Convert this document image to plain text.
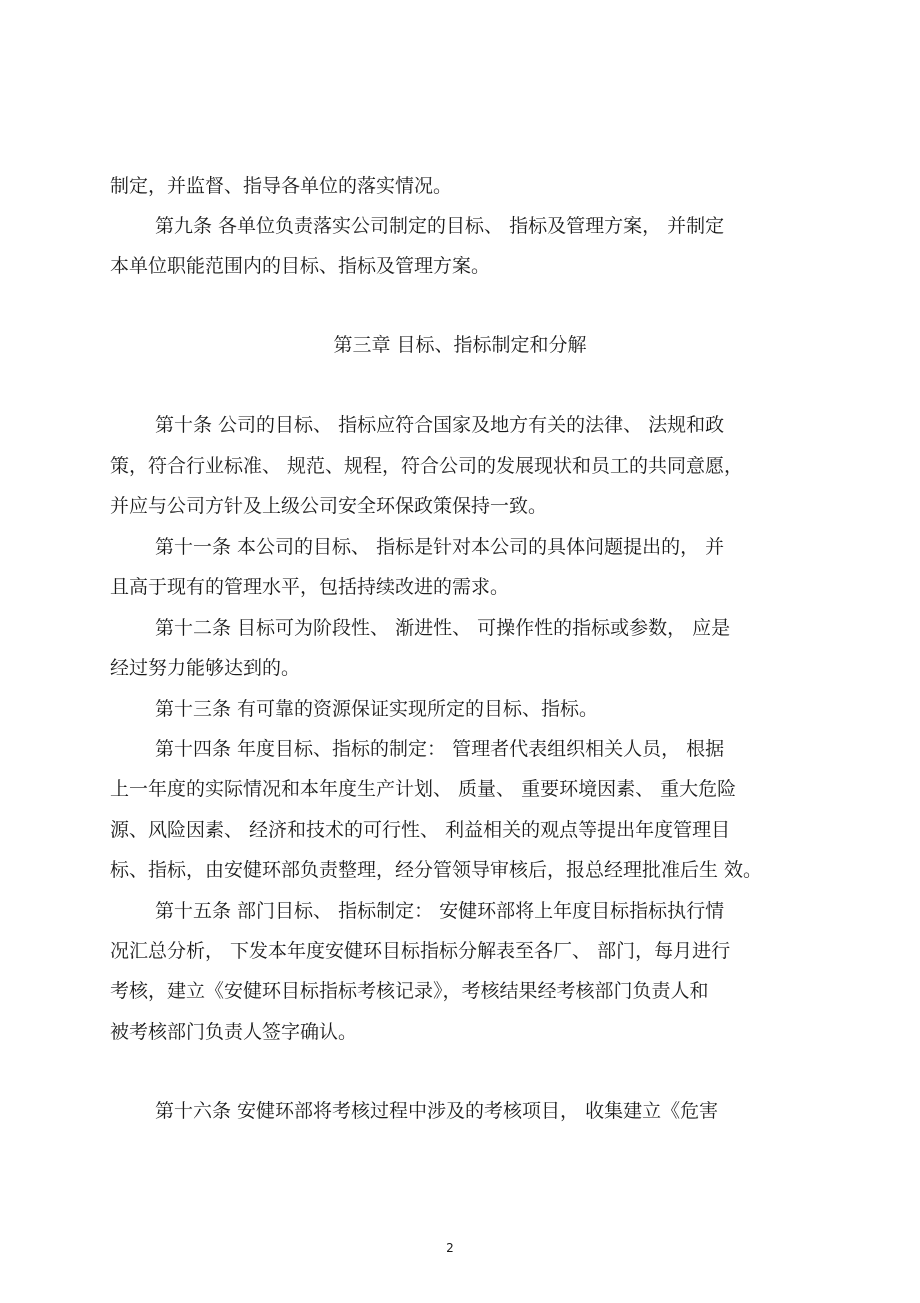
制定，并监督、指导各单位的落实情况。

第九条 各单位负责落实公司制定的目标、 指标及管理方案， 并制定

本单位职能范围内的目标、指标及管理方案。

第三章 目标、指标制定和分解

第十条 公司的目标、 指标应符合国家及地方有关的法律、 法规和政

策，符合行业标准、 规范、规程，符合公司的发展现状和员工的共同意愿，

并应与公司方针及上级公司安全环保政策保持一致。

第十一条 本公司的目标、 指标是针对本公司的具体问题提出的， 并

且高于现有的管理水平，包括持续改进的需求。

第十二条 目标可为阶段性、 渐进性、 可操作性的指标或参数， 应是

经过努力能够达到的。

第十三条 有可靠的资源保证实现所定的目标、指标。

第十四条 年度目标、指标的制定： 管理者代表组织相关人员， 根据

上一年度的实际情况和本年度生产计划、 质量、 重要环境因素、 重大危险

源、风险因素、 经济和技术的可行性、 利益相关的观点等提出年度管理目

标、指标，由安健环部负责整理，经分管领导审核后，报总经理批准后生 效。

第十五条 部门目标、 指标制定： 安健环部将上年度目标指标执行情

况汇总分析， 下发本年度安健环目标指标分解表至各厂、 部门，每月进行

考核，建立《安健环目标指标考核记录》，考核结果经考核部门负责人和

被考核部门负责人签字确认。

第十六条 安健环部将考核过程中涉及的考核项目， 收集建立《危害

2
